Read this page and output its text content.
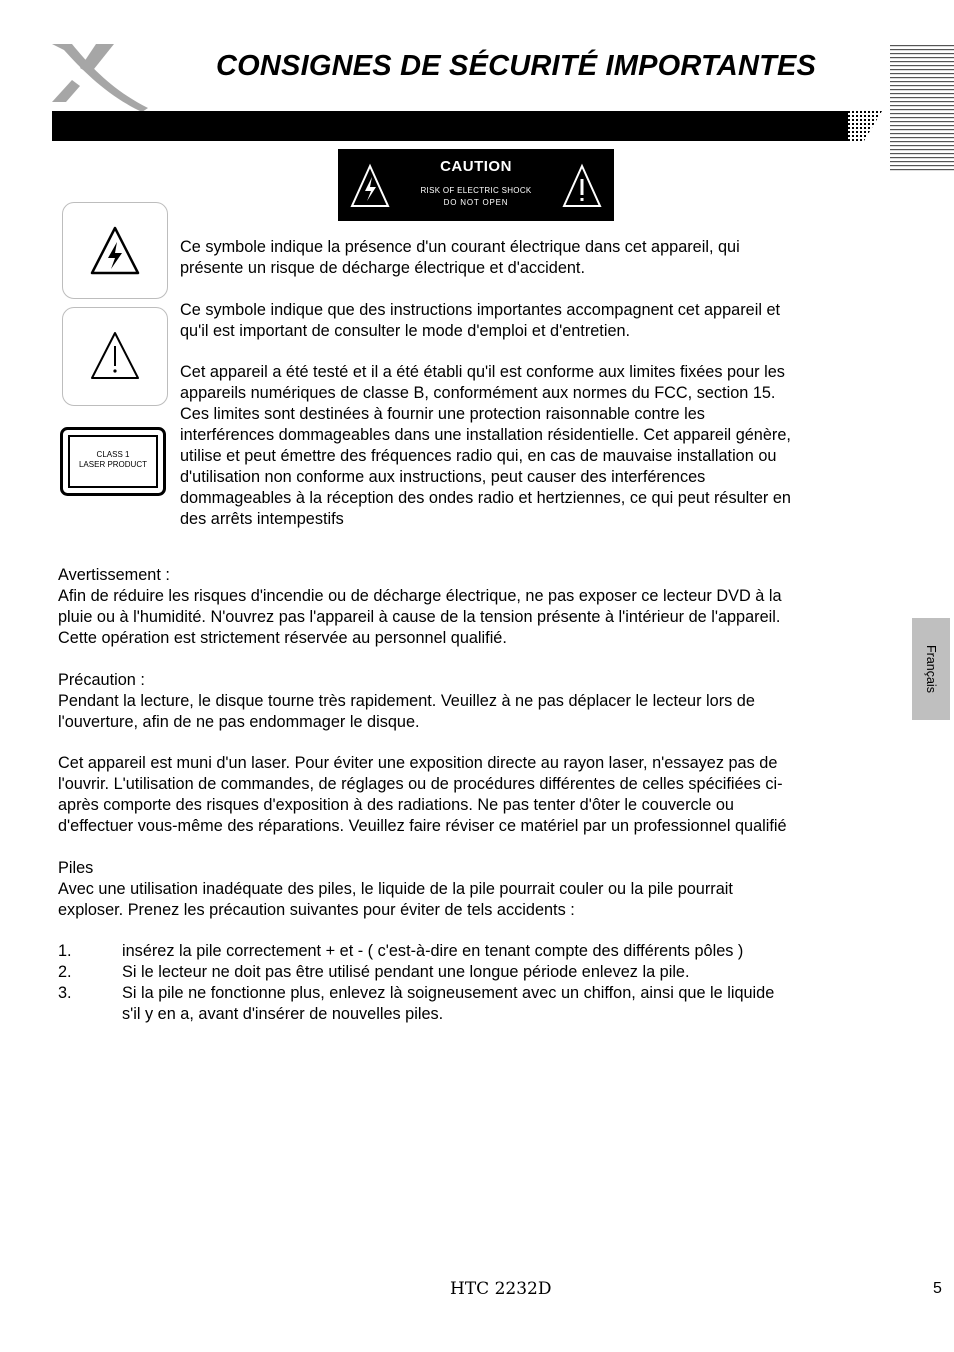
CONSIGNES DE SÉCURITÉ IMPORTANTES
CAUTION
RISK OF ELECTRIC SHOCK
DO NOT OPEN
CLASS 1
LASER PRODUCT
Ce symbole indique la présence d'un courant électrique dans cet appareil, qui
présente un risque de décharge électrique et d'accident.
Ce symbole indique que des instructions importantes accompagnent cet appareil et
qu'il est important de consulter le mode d'emploi et d'entretien.
Cet appareil a été testé et il a été établi qu'il est conforme aux limites fixées pour les
appareils numériques de classe B, conformément aux normes du FCC, section 15.
Ces limites sont destinées à fournir une protection raisonnable contre les
interférences dommageables dans une installation résidentielle. Cet appareil génère,
utilise et peut émettre des fréquences radio qui, en cas de mauvaise installation ou
d'utilisation non conforme aux instructions, peut causer des interférences
dommageables à la réception des ondes radio et hertziennes, ce qui peut résulter en
des arrêts intempestifs
Avertissement :
Afin de réduire les risques d'incendie ou de décharge électrique, ne pas exposer ce lecteur DVD à la
pluie ou à l'humidité. N'ouvrez pas l'appareil à cause de la tension présente à l'intérieur de l'appareil.
Cette opération est strictement réservée au personnel qualifié.
Précaution :
Pendant la lecture, le disque tourne très rapidement. Veuillez à ne pas déplacer le lecteur lors de
l'ouverture, afin de ne pas endommager le disque.
Cet appareil est muni d'un laser. Pour éviter une exposition directe au rayon laser, n'essayez pas de
l'ouvrir. L'utilisation de commandes, de réglages ou de procédures différentes de celles spécifiées ci-
après comporte des risques d'exposition à des radiations. Ne pas tenter d'ôter le couvercle ou
d'effectuer vous-même des réparations. Veuillez faire réviser ce matériel par un professionnel qualifié
Piles
Avec une utilisation inadéquate des piles, le liquide de la pile pourrait couler ou la pile pourrait
exploser. Prenez les précaution suivantes pour éviter de tels accidents :
1.	insérez la pile correctement + et - ( c'est-à-dire en tenant compte des différents pôles )
2.	Si le lecteur ne doit pas être utilisé pendant une longue période enlevez la pile.
3.	Si la pile ne fonctionne plus, enlevez là soigneusement avec un chiffon, ainsi que le liquide
s'il y en a, avant d'insérer de nouvelles piles.
Français
HTC 2232D	5
